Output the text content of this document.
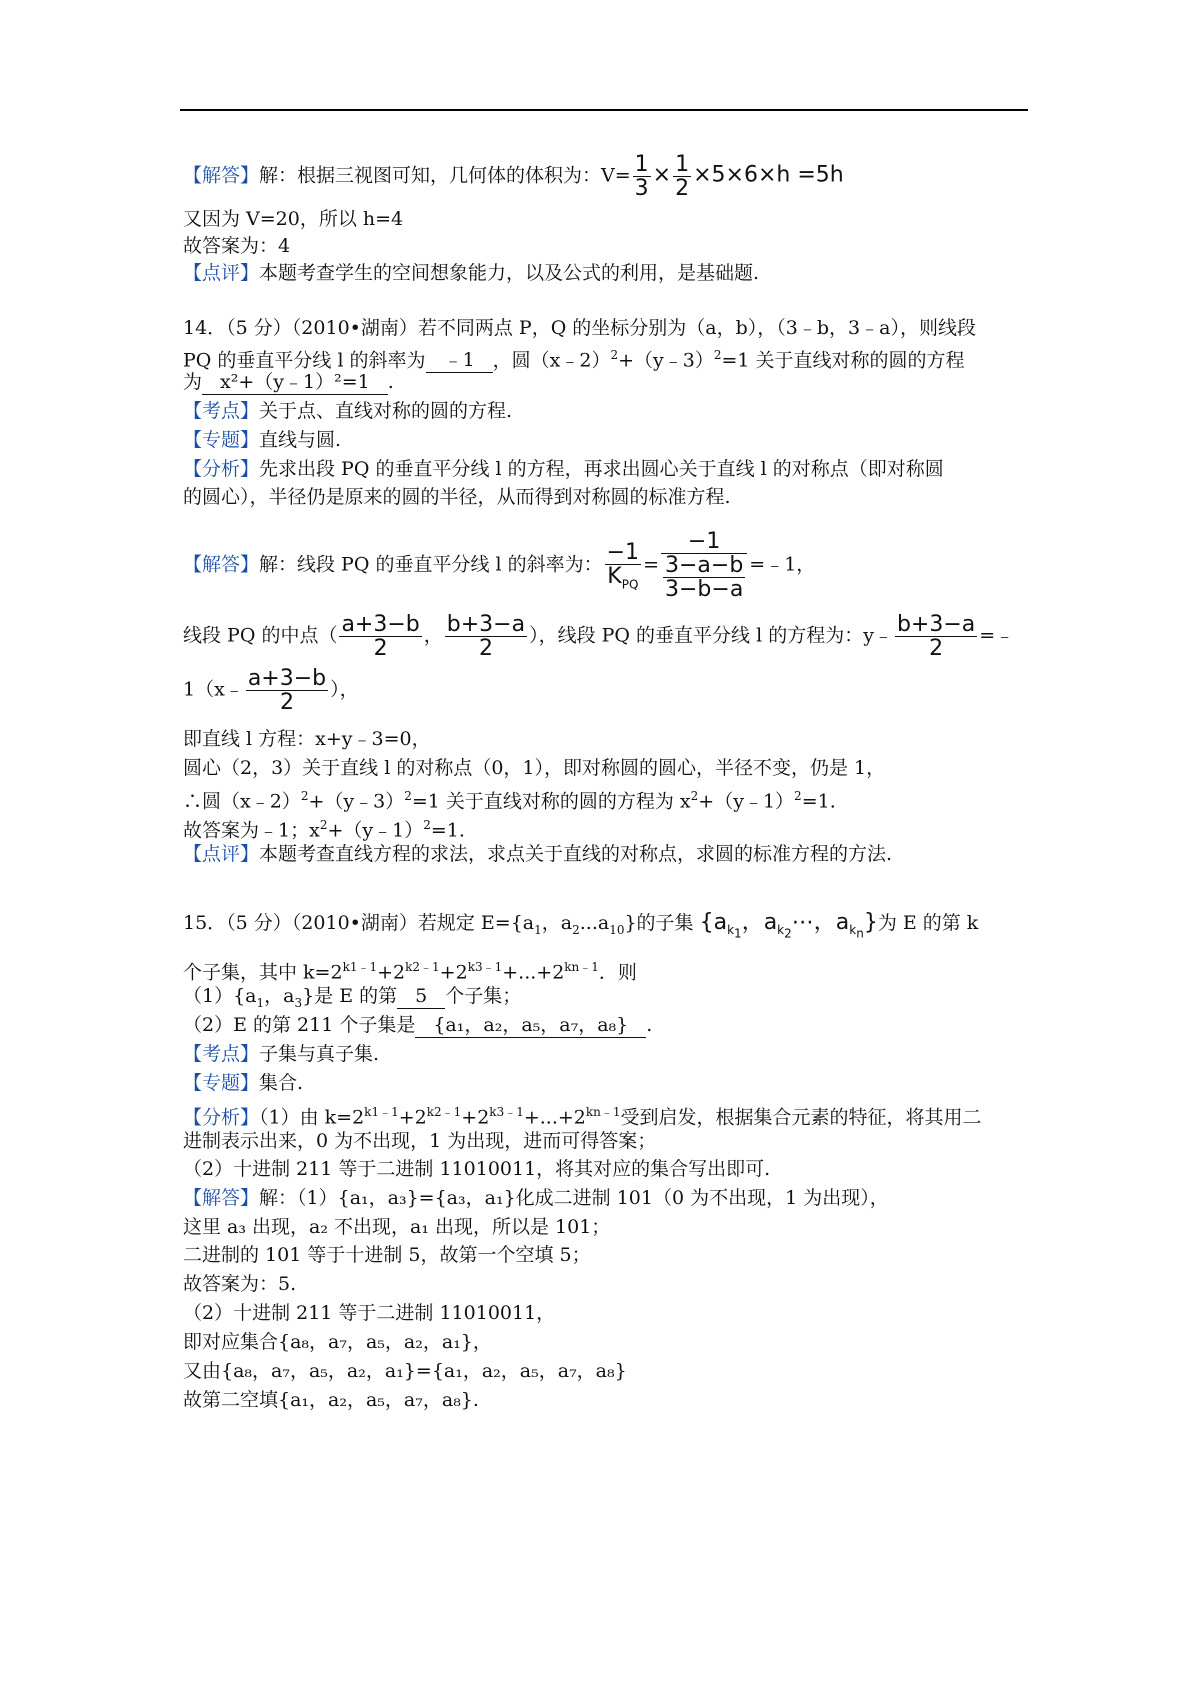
【解答】解：根据三视图可知，几何体的体积为：$V= \frac{1}{3} \times \frac{1}{2} \times 5\times 6\times h =5h$
又因为 V=20，所以 h=4
故答案为：4
【点评】本题考查学生的空间想象能力，以及公式的利用，是基础题.
14．（5 分）（2010•湖南）若不同两点 P，Q 的坐标分别为（a，b），（3﹣b，3﹣a），则线段
PQ 的垂直平分线 l 的斜率为 ﹣1 ，圆（x﹣2）$^2$+（y﹣3）$^2$=1 关于直线对称的圆的方程
为 x²+（y﹣1）²=1 .
【考点】关于点、直线对称的圆的方程.
【专题】直线与圆.
【分析】先求出段 PQ 的垂直平分线 l 的方程，再求出圆心关于直线 l 的对称点（即对称圆
的圆心），半径仍是原来的圆的半径，从而得到对称圆的标准方程.
【解答】解：线段 PQ 的垂直平分线 l 的斜率为： $\frac{-1}{K_{PQ}} = -1$
3−a−b
3−b−a =﹣1，
线段 PQ 的中点（ $\frac{a+3-b}{2}$ ， $\frac{b+3-a}{2}$ ），线段 PQ 的垂直平分线 l 的方程为：y﹣ $\frac{b+3-a}{2}$ =﹣
1（x﹣ $\frac{a+3-b}{2}$ ），
即直线 l 方程：x+y﹣3=0，
圆心（2，3）关于直线 l 的对称点（0，1），即对称圆的圆心，半径不变，仍是 1，
∴圆（x﹣2）$^2$+（y﹣3）$^2$=1 关于直线对称的圆的方程为 $x^2+(y﹣1)^2=1$.
故答案为﹣1；$x^2+(y﹣1)^2=1$.
【点评】本题考查直线方程的求法，求点关于直线的对称点，求圆的标准方程的方法.
15．（5 分）（2010•湖南）若规定 $E=\{a_1$，$a_2...a_{10}$}的子集 {$a_{k_1}$，$a_{k_2}\cdots$，$a_{k_n}$}为 E 的第 k
个子集，其中 $k=2^{k1﹣1}+2^{k2﹣1}+2^{k3﹣1}+...+2^{kn﹣1}$．则
$(1)\{a_1$，$a_3$}是 E 的第 5 个子集；
（2）E 的第 211 个子集是 {a₁，a₂，a₅，a₇，a₈} .
【考点】子集与真子集.
【专题】集合.
【分析】（1）由 $k=2^{k1﹣1}+2^{k2﹣1}+2^{k3﹣1}+...+2^{kn﹣1}$受到启发，根据集合元素的特征，将其用二
进制表示出来，0 为不出现，1 为出现，进而可得答案；
（2）十进制 211 等于二进制 11010011，将其对应的集合写出即可.
【解答】解：（1）{a₁，a₃}={a₃，a₁}化成二进制 101（0 为不出现，1 为出现），
这里 a₃ 出现，a₂ 不出现，a₁ 出现，所以是 101；
二进制的 101 等于十进制 5，故第一个空填 5；
故答案为：5.
（2）十进制 211 等于二进制 11010011，
即对应集合{a₈，a₇，a₅，a₂，a₁}，
又由{a₈，a₇，a₅，a₂，a₁}={a₁，a₂，a₅，a₇，a₈}
故第二空填{a₁，a₂，a₅，a₇，a₈}.
